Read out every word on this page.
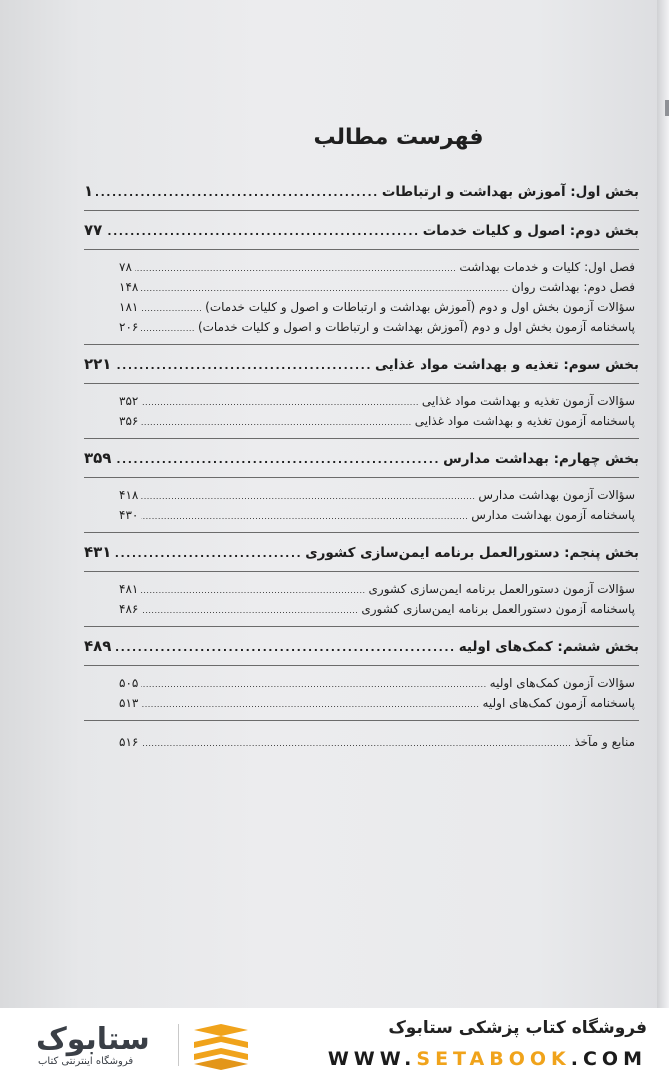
فهرست مطالب
بخش اول: آموزش بهداشت و ارتباطات
.....
۱
بخش دوم: اصول و کلیات خدمات
.....
۷۷
فصل اول: کلیات و خدمات بهداشت
.....
۷۸
فصل دوم: بهداشت روان
.....
۱۴۸
سؤالات آزمون بخش اول و دوم (آموزش بهداشت و ارتباطات و اصول و کلیات خدمات)
.....
۱۸۱
پاسخنامه آزمون بخش اول و دوم (آموزش بهداشت و ارتباطات و اصول و کلیات خدمات)
.....
۲۰۶
بخش سوم: تغذیه و بهداشت مواد غذایی
.....
۲۲۱
سؤالات آزمون تغذیه و بهداشت مواد غذایی
.....
۳۵۲
پاسخنامه آزمون تغذیه و بهداشت مواد غذایی
.....
۳۵۶
بخش چهارم: بهداشت مدارس
.....
۳۵۹
سؤالات آزمون بهداشت مدارس
.....
۴۱۸
پاسخنامه آزمون بهداشت مدارس
.....
۴۳۰
بخش پنجم: دستورالعمل برنامه ایمن‌سازی کشوری
.....
۴۳۱
سؤالات آزمون دستورالعمل برنامه ایمن‌سازی کشوری
.....
۴۸۱
پاسخنامه آزمون دستورالعمل برنامه ایمن‌سازی کشوری
.....
۴۸۶
بخش ششم: کمک‌های اولیه
.....
۴۸۹
سؤالات آزمون کمک‌های اولیه
.....
۵۰۵
پاسخنامه آزمون کمک‌های اولیه
.....
۵۱۳
منابع و مآخذ
.....
۵۱۶
ستابوک
فروشگاه اینترنتی کتاب
فروشگاه کتاب پزشکی ستابوک
WWW.SETABOOK.COM
